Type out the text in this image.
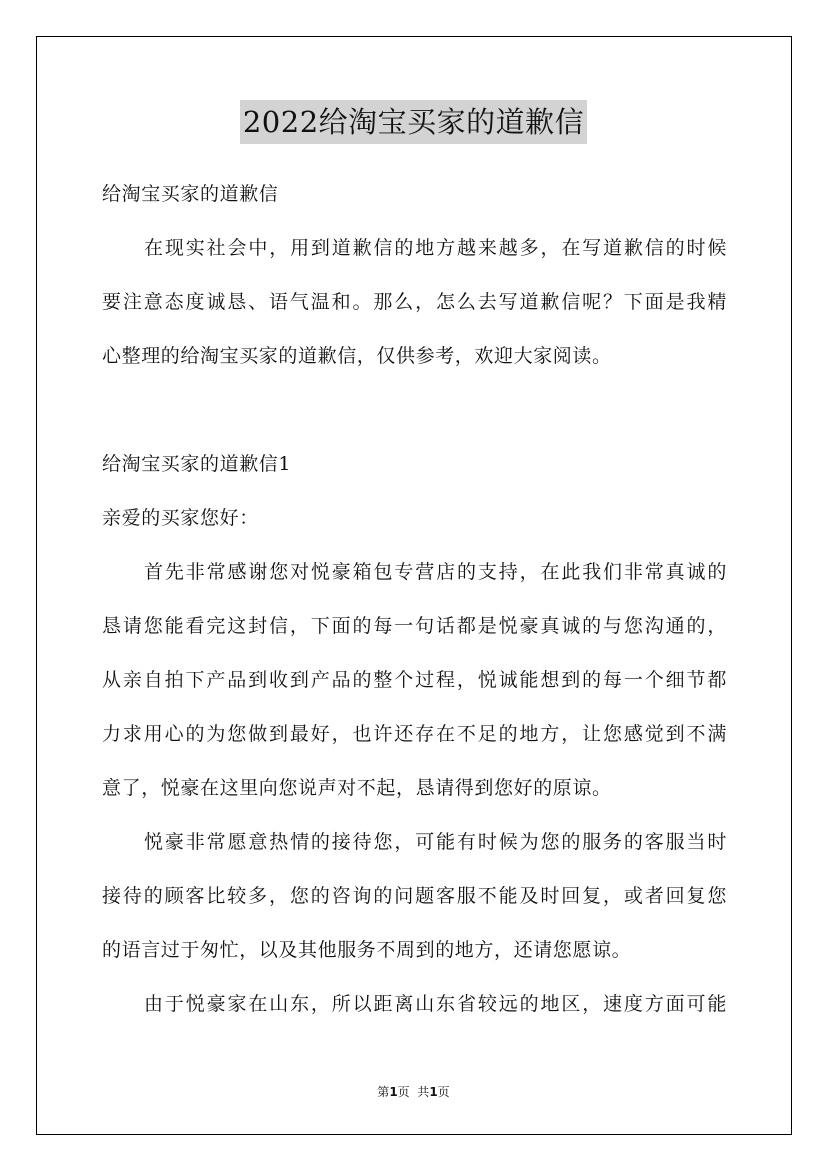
2022给淘宝买家的道歉信
给淘宝买家的道歉信
在现实社会中，用到道歉信的地方越来越多，在写道歉信的时候
要注意态度诚恳、语气温和。那么，怎么去写道歉信呢？下面是我精
心整理的给淘宝买家的道歉信，仅供参考，欢迎大家阅读。
给淘宝买家的道歉信1
亲爱的买家您好：
首先非常感谢您对悦豪箱包专营店的支持，在此我们非常真诚的
恳请您能看完这封信，下面的每一句话都是悦豪真诚的与您沟通的，
从亲自拍下产品到收到产品的整个过程，悦诚能想到的每一个细节都
力求用心的为您做到最好，也许还存在不足的地方，让您感觉到不满
意了，悦豪在这里向您说声对不起，恳请得到您好的原谅。
悦豪非常愿意热情的接待您，可能有时候为您的服务的客服当时
接待的顾客比较多，您的咨询的问题客服不能及时回复，或者回复您
的语言过于匆忙，以及其他服务不周到的地方，还请您愿谅。
由于悦豪家在山东，所以距离山东省较远的地区，速度方面可能
第1页  共1页
